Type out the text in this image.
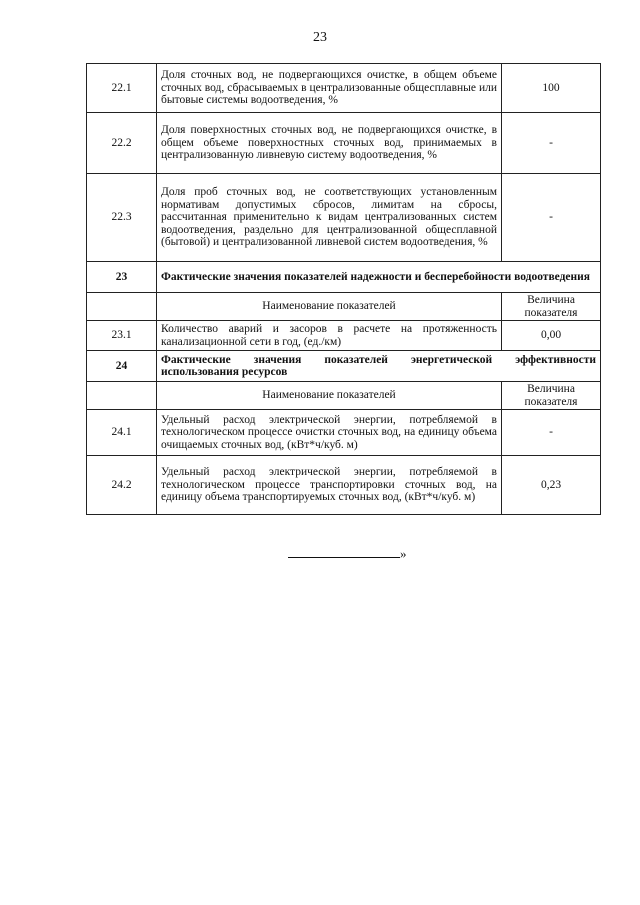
23
22.1	Доля сточных вод, не подвергающихся очистке, в общем объеме сточных вод, сбрасываемых в централизованные общесплавные или бытовые системы водоотведения, %	100
22.2	Доля поверхностных сточных вод, не подвергающихся очистке, в общем объеме поверхностных сточных вод, принимаемых в централизованную ливневую систему водоотведения, %	-
22.3	Доля проб сточных вод, не соответствующих установленным нормативам допустимых сбросов, лимитам на сбросы, рассчитанная применительно к видам централизованных систем водоотведения, раздельно для централизованной общесплавной (бытовой) и централизованной ливневой систем водоотведения, %	-
23	Фактические значения показателей надежности и бесперебойности водоотведения	
	Наименование показателей	Величина показателя
23.1	Количество аварий и засоров в расчете на протяженность канализационной сети в год, (ед./км)	0,00
24	Фактические значения показателей энергетической эффективности использования ресурсов	
	Наименование показателей	Величина показателя
24.1	Удельный расход электрической энергии, потребляемой в технологическом процессе очистки сточных вод, на единицу объема очищаемых сточных вод, (кВт*ч/куб. м)	-
24.2	Удельный расход электрической энергии, потребляемой в технологическом процессе транспортировки сточных вод, на единицу объема транспортируемых сточных вод, (кВт*ч/куб. м)	0,23
»
